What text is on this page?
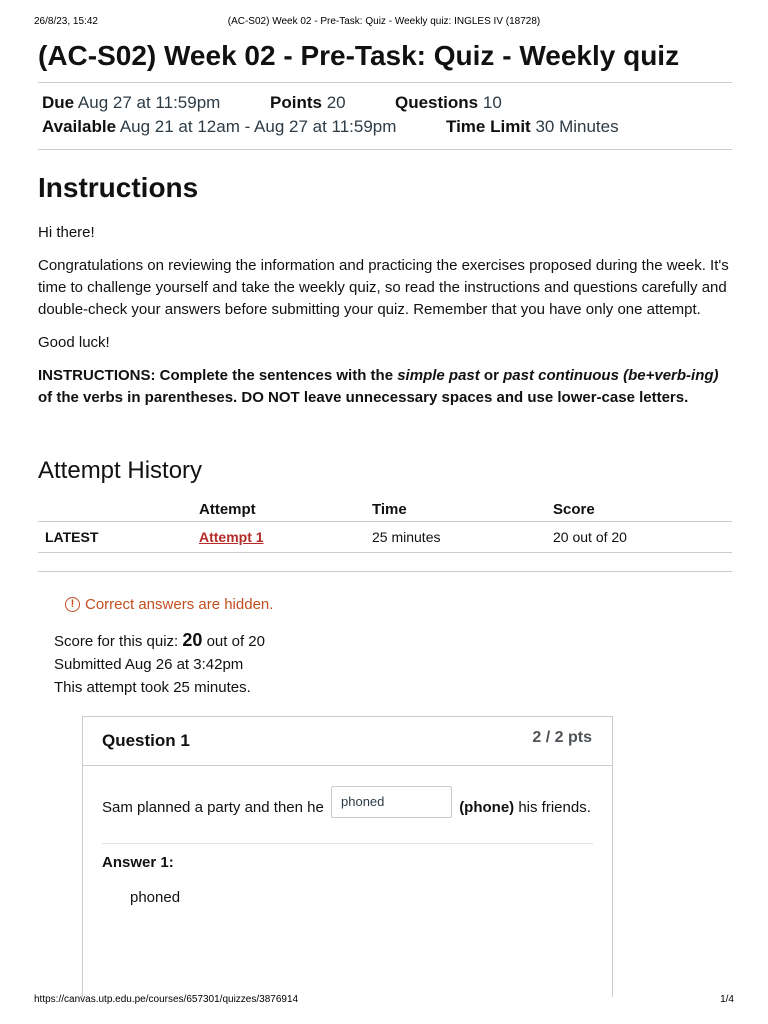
26/8/23, 15:42	(AC-S02) Week 02 - Pre-Task: Quiz - Weekly quiz: INGLES IV (18728)
(AC-S02) Week 02 - Pre-Task: Quiz - Weekly quiz
Due Aug 27 at 11:59pm	Points 20	Questions 10
Available Aug 21 at 12am - Aug 27 at 11:59pm	Time Limit 30 Minutes
Instructions

Hi there!

Congratulations on reviewing the information and practicing the exercises proposed during the week. It's time to challenge yourself and take the weekly quiz, so read the instructions and questions carefully and double-check your answers before submitting your quiz. Remember that you have only one attempt.

Good luck!

INSTRUCTIONS: Complete the sentences with the simple past or past continuous (be+verb-ing) of the verbs in parentheses. DO NOT leave unnecessary spaces and use lower-case letters.

Attempt History
	Attempt	Time	Score
LATEST	Attempt 1	25 minutes	20 out of 20
! Correct answers are hidden.
Score for this quiz: 20 out of 20
Submitted Aug 26 at 3:42pm
This attempt took 25 minutes.
Question 1	2 / 2 pts
Sam planned a party and then he phoned	(phone) his friends.
Answer 1:
phoned
https://canvas.utp.edu.pe/courses/657301/quizzes/3876914	1/4
